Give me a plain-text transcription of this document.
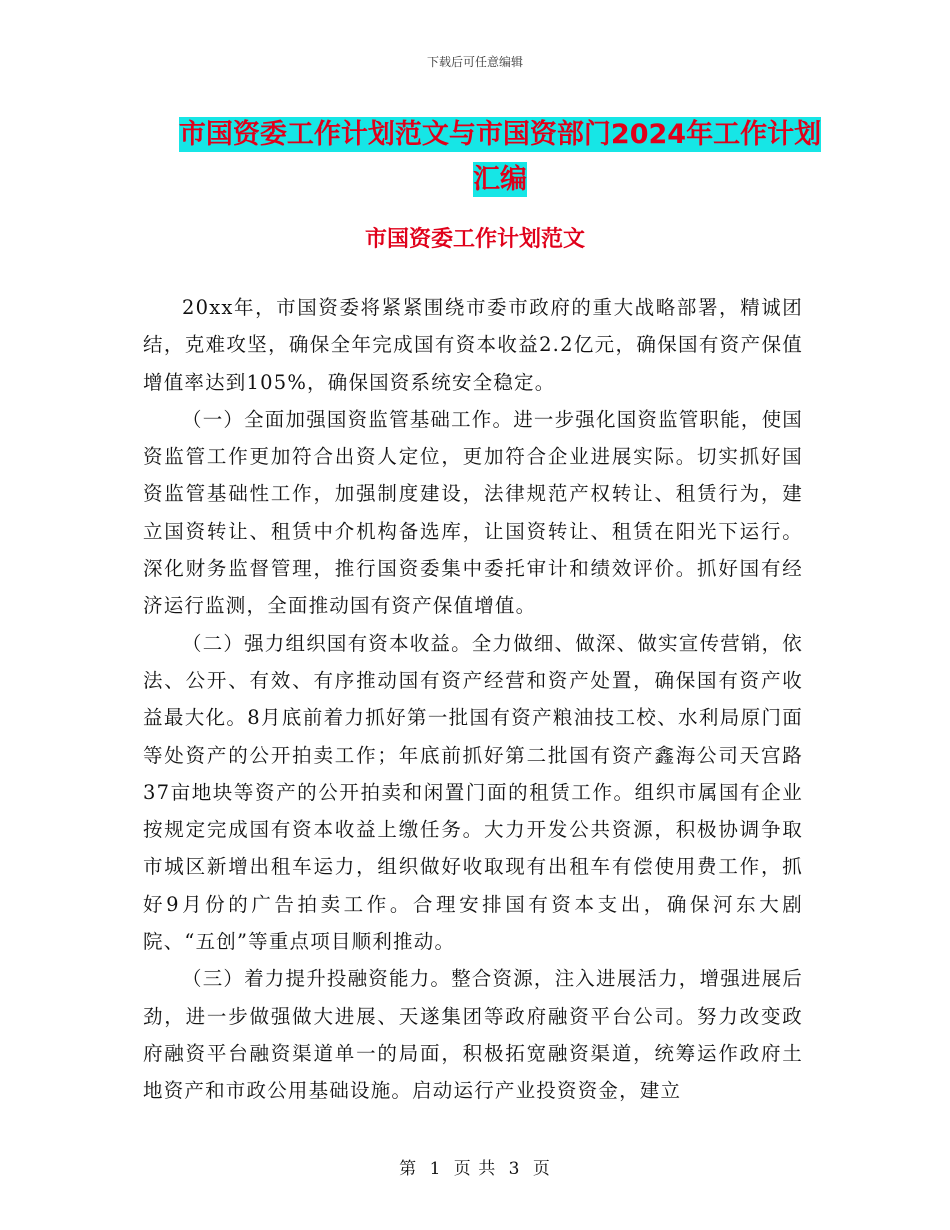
下载后可任意编辑
市国资委工作计划范文与市国资部门2024年工作计划
汇编
市国资委工作计划范文

20xx年，市国资委将紧紧围绕市委市政府的重大战略部署，精诚团结，克难攻坚，确保全年完成国有资本收益2.2亿元，确保国有资产保值增值率达到105%，确保国资系统安全稳定。

（一）全面加强国资监管基础工作。进一步强化国资监管职能，使国资监管工作更加符合出资人定位，更加符合企业进展实际。切实抓好国资监管基础性工作，加强制度建设，法律规范产权转让、租赁行为，建立国资转让、租赁中介机构备选库，让国资转让、租赁在阳光下运行。深化财务监督管理，推行国资委集中委托审计和绩效评价。抓好国有经济运行监测，全面推动国有资产保值增值。

（二）强力组织国有资本收益。全力做细、做深、做实宣传营销，依法、公开、有效、有序推动国有资产经营和资产处置，确保国有资产收益最大化。8月底前着力抓好第一批国有资产粮油技工校、水利局原门面等处资产的公开拍卖工作；年底前抓好第二批国有资产鑫海公司天宫路37亩地块等资产的公开拍卖和闲置门面的租赁工作。组织市属国有企业按规定完成国有资本收益上缴任务。大力开发公共资源，积极协调争取市城区新增出租车运力，组织做好收取现有出租车有偿使用费工作，抓好9月份的广告拍卖工作。合理安排国有资本支出，确保河东大剧院、“五创”等重点项目顺利推动。

（三）着力提升投融资能力。整合资源，注入进展活力，增强进展后劲，进一步做强做大进展、天遂集团等政府融资平台公司。努力改变政府融资平台融资渠道单一的局面，积极拓宽融资渠道，统筹运作政府土地资产和市政公用基础设施。启动运行产业投资资金，建立

第 1 页 共 3 页
